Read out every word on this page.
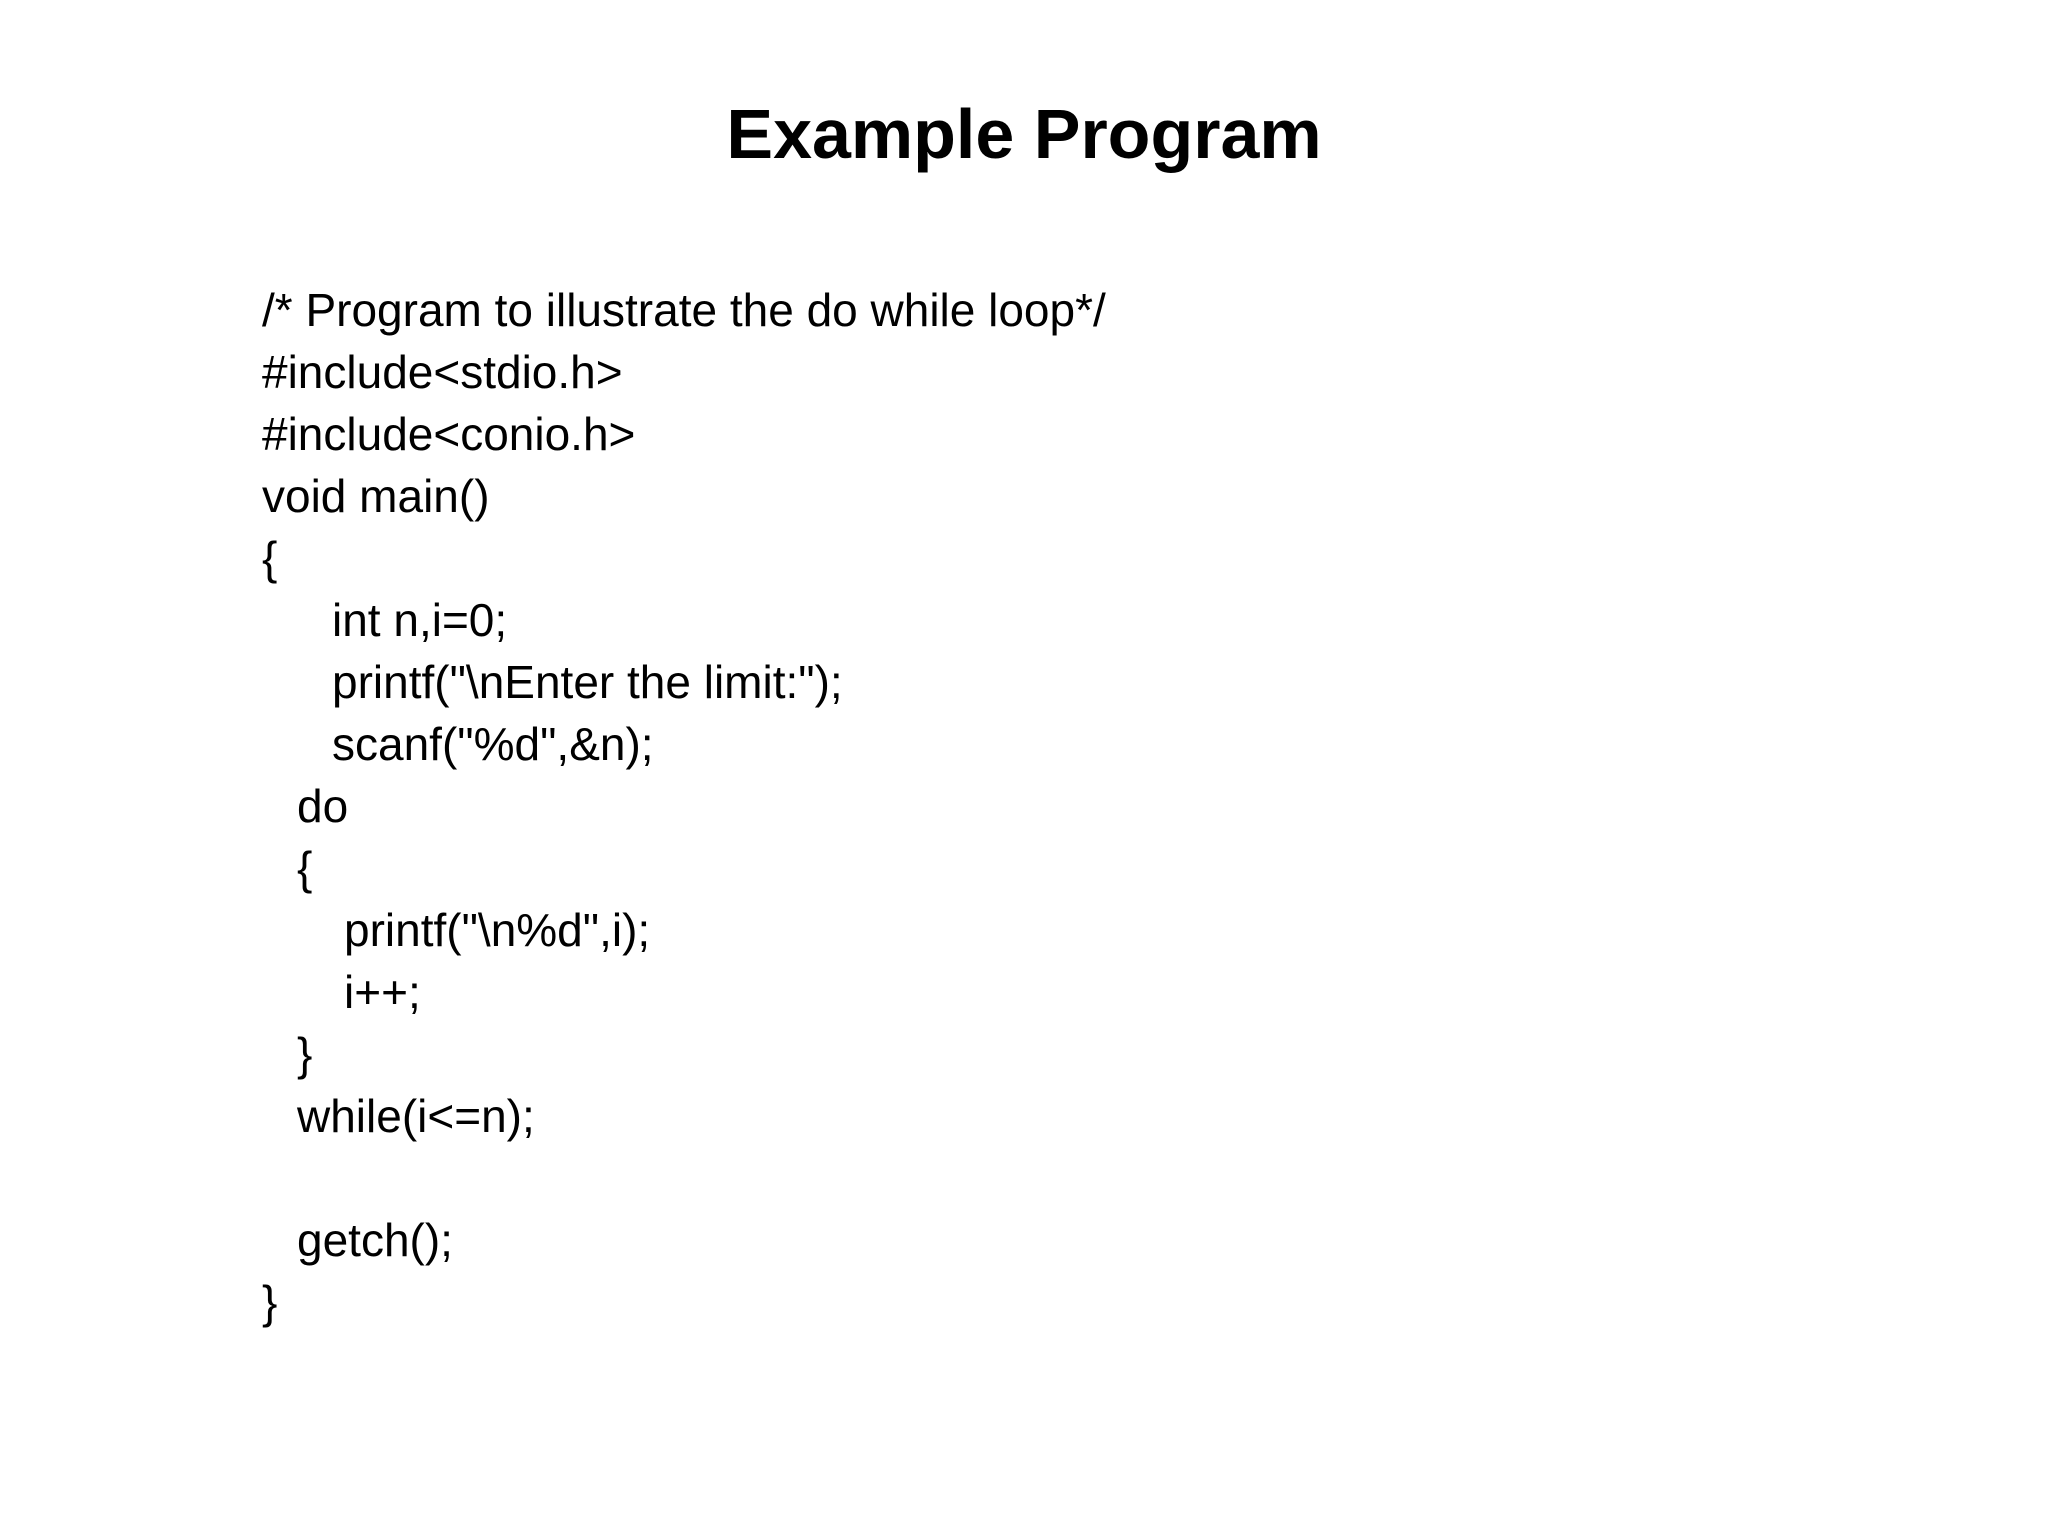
Example Program
/* Program to illustrate the do while loop*/
#include<stdio.h>
#include<conio.h>
void main()
{
int n,i=0;
printf("\nEnter the limit:");
scanf("%d",&n);
do
{
printf("\n%d",i);
i++;
}
while(i<=n);
getch();
}
